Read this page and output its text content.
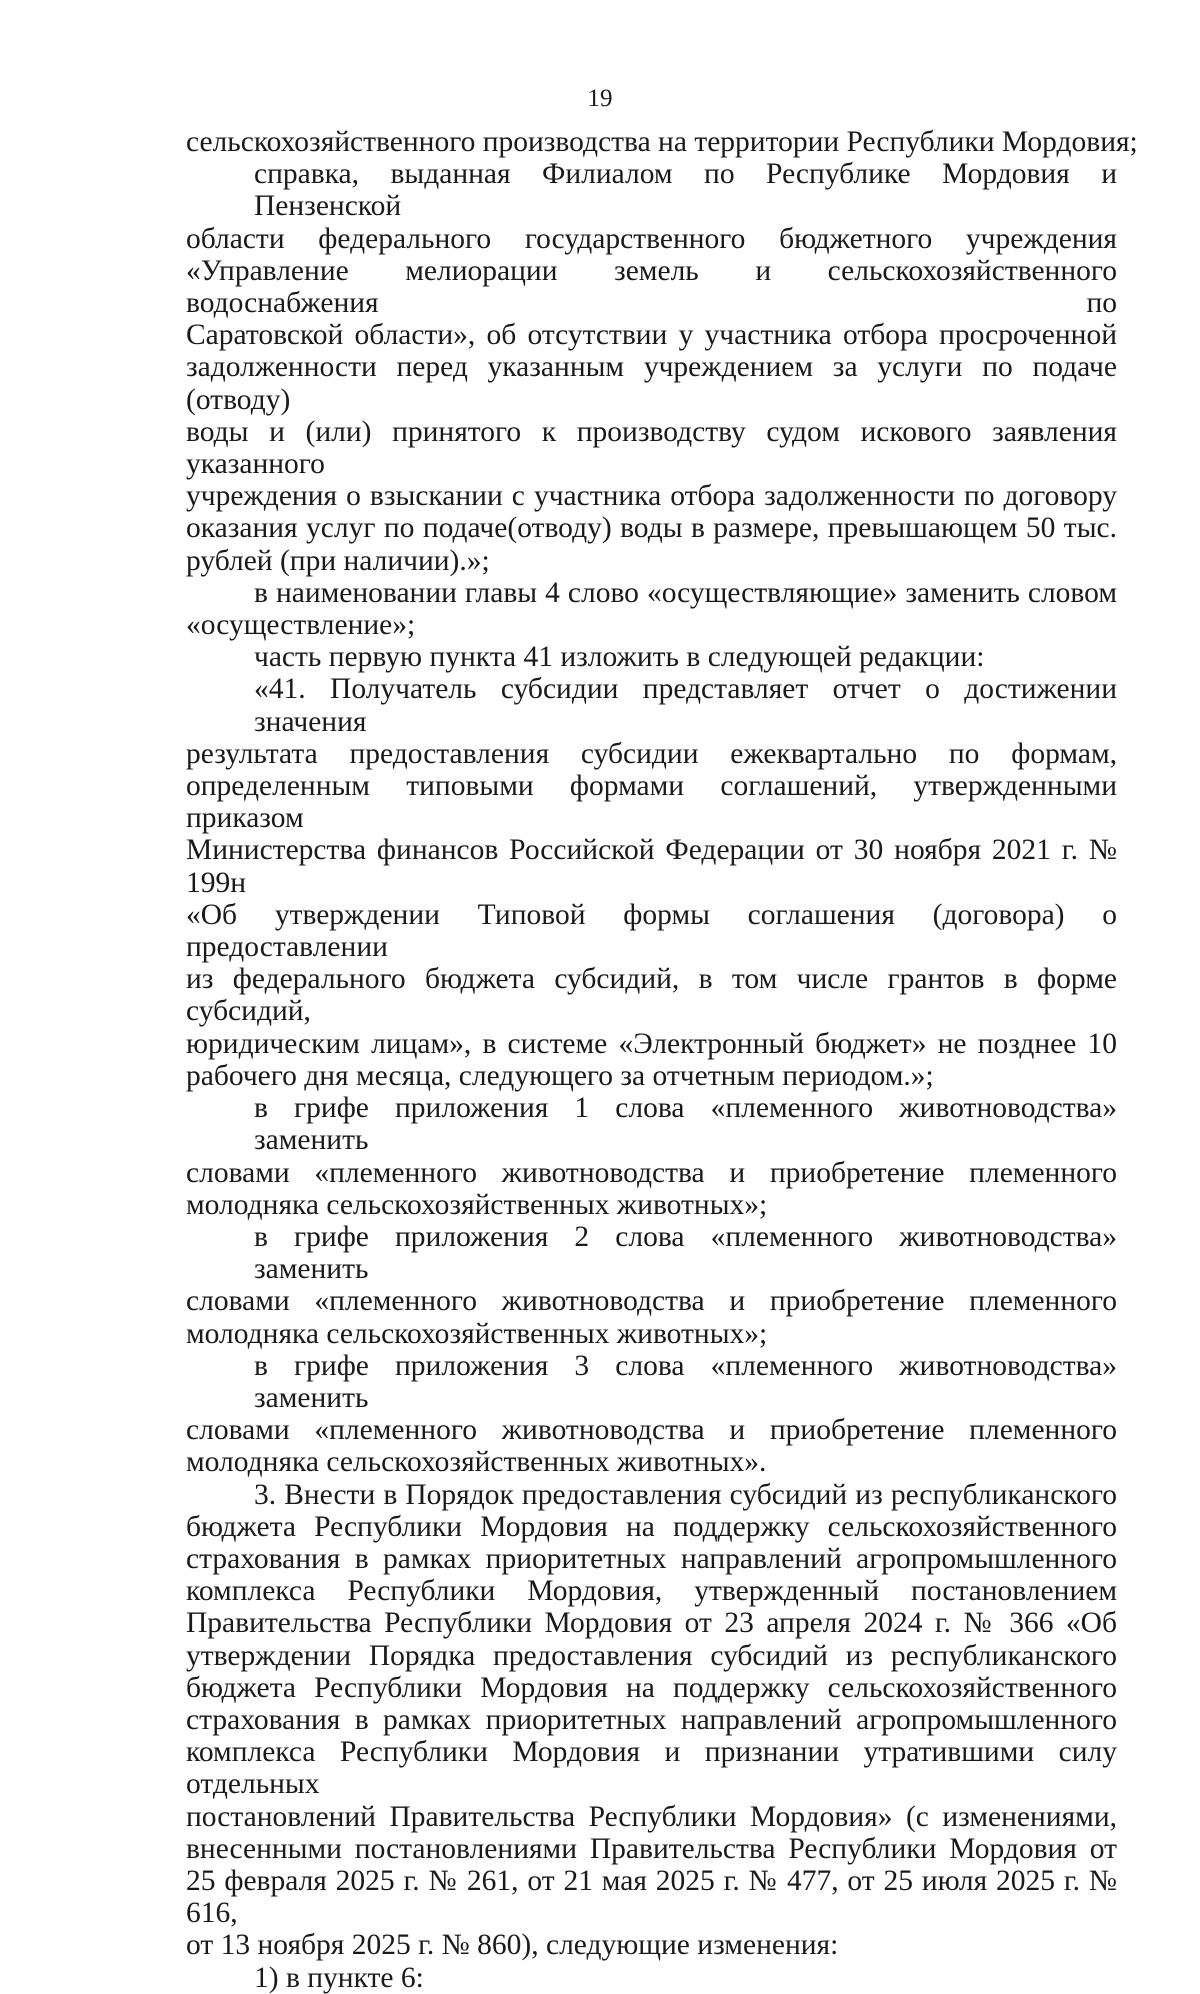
19
сельскохозяйственного производства на территории Республики Мордовия;
справка, выданная Филиалом по Республике Мордовия и Пензенской
области федерального государственного бюджетного учреждения
«Управление мелиорации земель и сельскохозяйственного водоснабжения по
Саратовской области», об отсутствии у участника отбора просроченной
задолженности перед указанным учреждением за услуги по подаче (отводу)
воды и (или) принятого к производству судом искового заявления указанного
учреждения о взыскании с участника отбора задолженности по договору
оказания услуг по подаче(отводу) воды в размере, превышающем 50 тыс.
рублей (при наличии).»;
в наименовании главы 4 слово «осуществляющие» заменить словом
«осуществление»;
часть первую пункта 41 изложить в следующей редакции:
«41. Получатель субсидии представляет отчет о достижении значения
результата предоставления субсидии ежеквартально по формам,
определенным типовыми формами соглашений, утвержденными приказом
Министерства финансов Российской Федерации от 30 ноября 2021 г. № 199н
«Об утверждении Типовой формы соглашения (договора) о предоставлении
из федерального бюджета субсидий, в том числе грантов в форме субсидий,
юридическим лицам», в системе «Электронный бюджет» не позднее 10
рабочего дня месяца, следующего за отчетным периодом.»;
в грифе приложения 1 слова «племенного животноводства» заменить
словами «племенного животноводства и приобретение племенного
молодняка сельскохозяйственных животных»;
в грифе приложения 2 слова «племенного животноводства» заменить
словами «племенного животноводства и приобретение племенного
молодняка сельскохозяйственных животных»;
в грифе приложения 3 слова «племенного животноводства» заменить
словами «племенного животноводства и приобретение племенного
молодняка сельскохозяйственных животных».
3. Внести в Порядок предоставления субсидий из республиканского
бюджета Республики Мордовия на поддержку сельскохозяйственного
страхования в рамках приоритетных направлений агропромышленного
комплекса Республики Мордовия, утвержденный постановлением
Правительства Республики Мордовия от 23 апреля 2024 г. № 366 «Об
утверждении Порядка предоставления субсидий из республиканского
бюджета Республики Мордовия на поддержку сельскохозяйственного
страхования в рамках приоритетных направлений агропромышленного
комплекса Республики Мордовия и признании утратившими силу отдельных
постановлений Правительства Республики Мордовия» (с изменениями,
внесенными постановлениями Правительства Республики Мордовия от
25 февраля 2025 г. № 261, от 21 мая 2025 г. № 477, от 25 июля 2025 г. № 616,
от 13 ноября 2025 г. № 860), следующие изменения:
1) в пункте 6:
